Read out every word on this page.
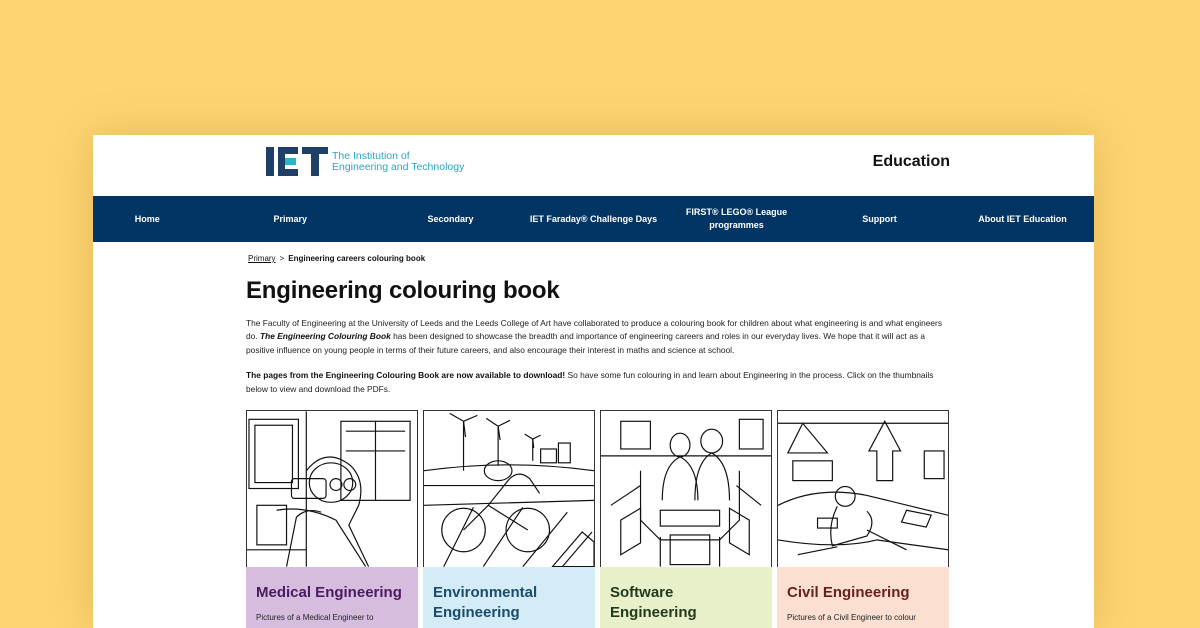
The Institution of
Engineering and Technology	Education
Home	Primary	Secondary	IET Faraday® Challenge Days
FIRST® LEGO® League programmes
Support	About IET Education
Primary > Engineering careers colouring book
Engineering colouring book

The Faculty of Engineering at the University of Leeds and the Leeds College of Art have collaborated to produce a colouring book for children about what engineering is and what engineers do. The Engineering Colouring Book has been designed to showcase the breadth and importance of engineering careers and roles in our everyday lives. We hope that it will act as a positive influence on young people in terms of their future careers, and also encourage their interest in maths and science at school.

The pages from the Engineering Colouring Book are now available to download! So have some fun colouring in and learn about Engineering in the process. Click on the thumbnails below to view and download the PDFs.

Medical Engineering
Pictures of a Medical Engineer to
Environmental Engineering
Software Engineering
Civil Engineering
Pictures of a Civil Engineer to colour
